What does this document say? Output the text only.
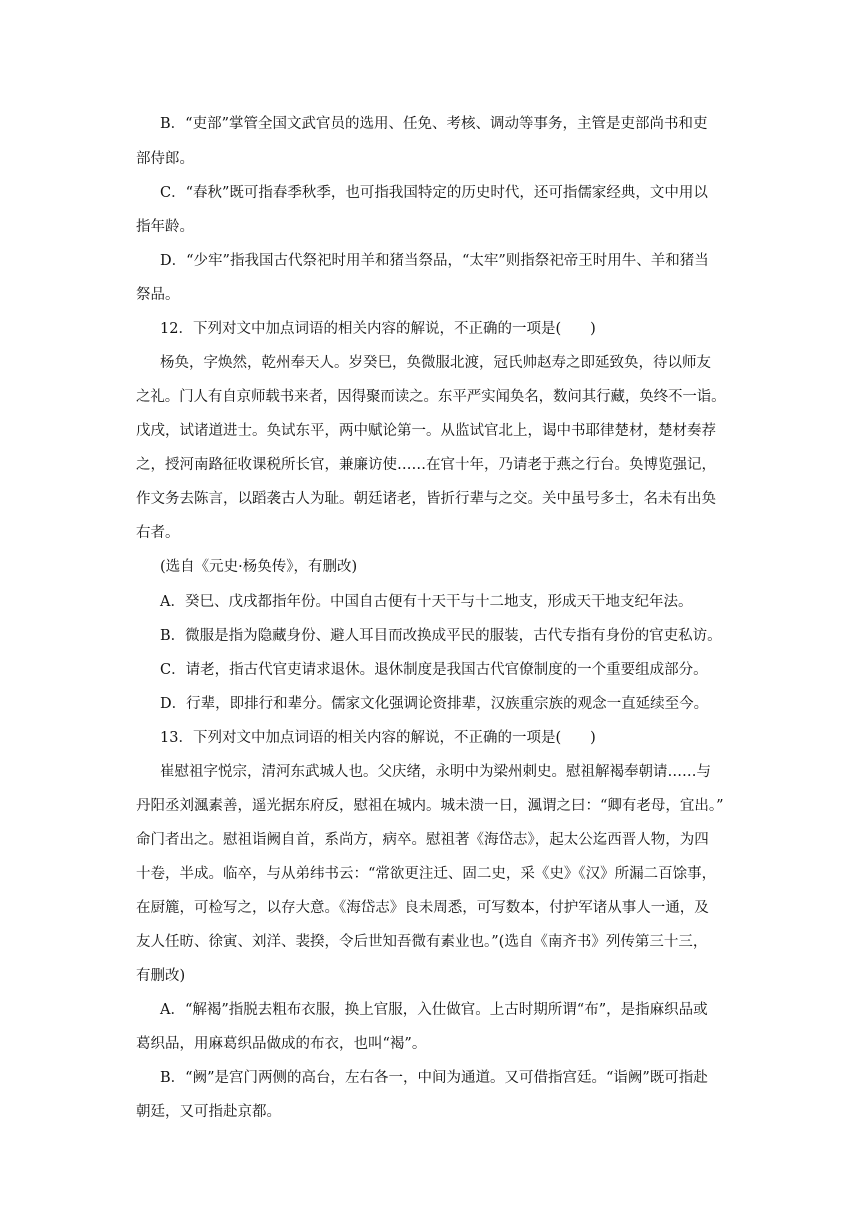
B．“吏部”掌管全国文武官员的选用、任免、考核、调动等事务，主管是吏部尚书和吏
部侍郎。
C．“春秋”既可指春季秋季，也可指我国特定的历史时代，还可指儒家经典，文中用以
指年龄。
D．“少牢”指我国古代祭祀时用羊和猪当祭品，“太牢”则指祭祀帝王时用牛、羊和猪当
祭品。
12．下列对文中加点词语的相关内容的解说，不正确的一项是(　　)
杨奂，字焕然，乾州奉天人。岁癸巳，奂微服北渡，冠氏帅赵寿之即延致奂，待以师友
之礼。门人有自京师载书来者，因得聚而读之。东平严实闻奂名，数问其行藏，奂终不一诣。
戊戌，试诸道进士。奂试东平，两中赋论第一。从监试官北上，谒中书耶律楚材，楚材奏荐
之，授河南路征收课税所长官，兼廉访使……在官十年，乃请老于燕之行台。奂博览强记，
作文务去陈言，以蹈袭古人为耻。朝廷诸老，皆折行辈与之交。关中虽号多士，名未有出奂
右者。
(选自《元史·杨奂传》，有删改)
A．癸巳、戊戌都指年份。中国自古便有十天干与十二地支，形成天干地支纪年法。
B．微服是指为隐藏身份、避人耳目而改换成平民的服装，古代专指有身份的官吏私访。
C．请老，指古代官吏请求退休。退休制度是我国古代官僚制度的一个重要组成部分。
D．行辈，即排行和辈分。儒家文化强调论资排辈，汉族重宗族的观念一直延续至今。
13．下列对文中加点词语的相关内容的解说，不正确的一项是(　　)
崔慰祖字悦宗，清河东武城人也。父庆绪，永明中为梁州刺史。慰祖解褐奉朝请……与
丹阳丞刘渢素善，遥光据东府反，慰祖在城内。城未溃一日，渢谓之曰：“卿有老母，宜出。”
命门者出之。慰祖诣阙自首，系尚方，病卒。慰祖著《海岱志》，起太公迄西晋人物，为四
十卷，半成。临卒，与从弟纬书云：“常欲更注迁、固二史，采《史》《汉》所漏二百馀事，
在厨簏，可检写之，以存大意。《海岱志》良未周悉，可写数本，付护军诸从事人一通，及
友人任昉、徐寅、刘洋、裴揆，令后世知吾微有素业也。”(选自《南齐书》列传第三十三，
有删改)
A．“解褐”指脱去粗布衣服，换上官服，入仕做官。上古时期所谓“布”，是指麻织品或
葛织品，用麻葛织品做成的布衣，也叫“褐”。
B．“阙”是宫门两侧的高台，左右各一，中间为通道。又可借指宫廷。“诣阙”既可指赴
朝廷，又可指赴京都。
